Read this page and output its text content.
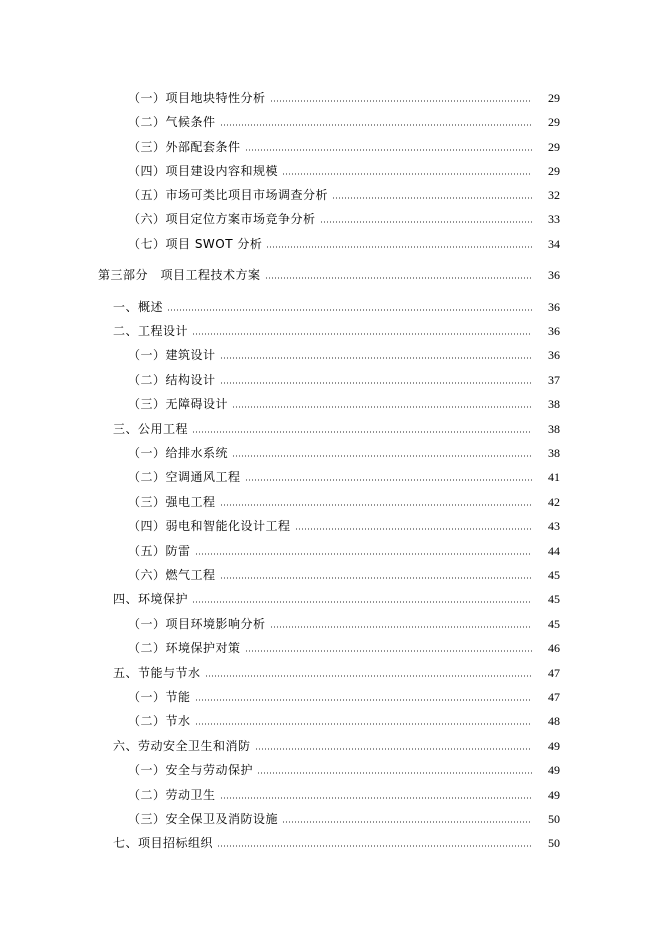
（一）项目地块特性分析	29
（二）气候条件	29
（三）外部配套条件	29
（四）项目建设内容和规模	29
（五）市场可类比项目市场调查分析	32
（六）项目定位方案市场竞争分析	33
（七）项目 SWOT 分析	34
第三部分　项目工程技术方案	36
一、概述	36
二、工程设计	36
（一）建筑设计	36
（二）结构设计	37
（三）无障碍设计	38
三、公用工程	38
（一）给排水系统	38
（二）空调通风工程	41
（三）强电工程	42
（四）弱电和智能化设计工程	43
（五）防雷	44
（六）燃气工程	45
四、环境保护	45
（一）项目环境影响分析	45
（二）环境保护对策	46
五、节能与节水	47
（一）节能	47
（二）节水	48
六、劳动安全卫生和消防	49
（一）安全与劳动保护	49
（二）劳动卫生	49
（三）安全保卫及消防设施	50
七、项目招标组织	50
